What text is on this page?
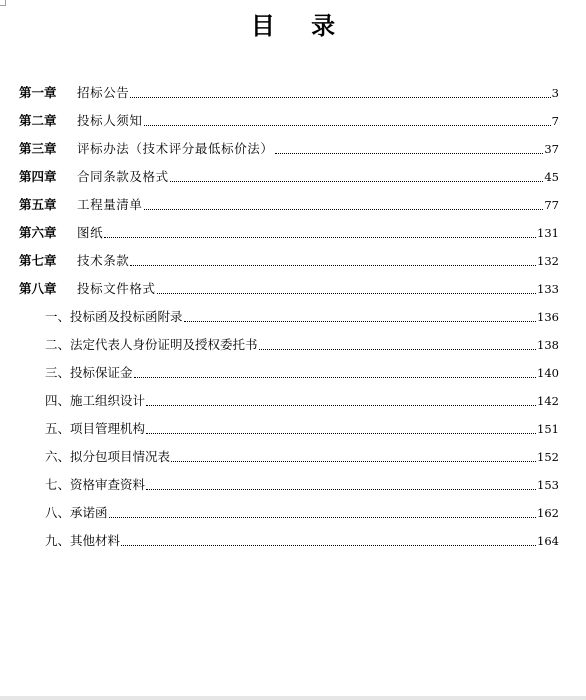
目 录
第一章	招标公告	3
第二章	投标人须知	7
第三章	评标办法（技术评分最低标价法）	37
第四章	合同条款及格式	45
第五章	工程量清单	77
第六章	图纸	131
第七章	技术条款	132
第八章	投标文件格式	133
一、投标函及投标函附录	136
二、法定代表人身份证明及授权委托书	138
三、投标保证金	140
四、施工组织设计	142
五、项目管理机构	151
六、拟分包项目情况表	152
七、资格审查资料	153
八、承诺函	162
九、其他材料	164
